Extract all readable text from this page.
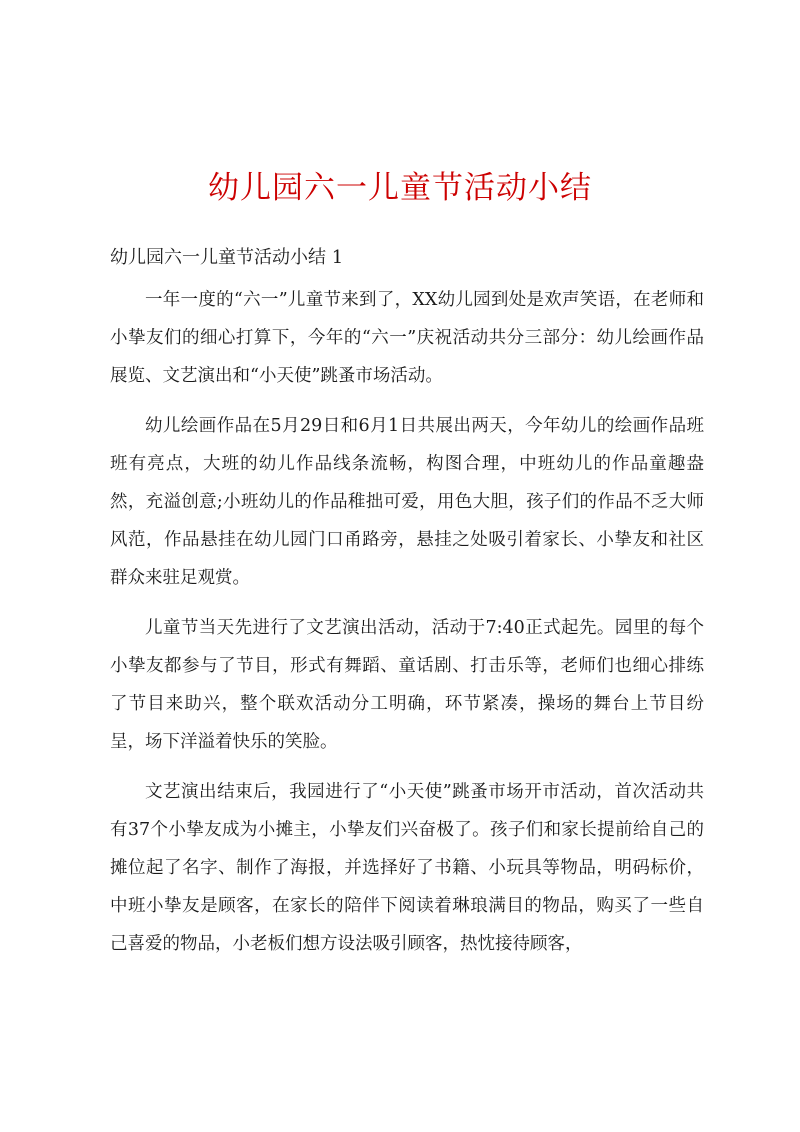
幼儿园六一儿童节活动小结
幼儿园六一儿童节活动小结 1

一年一度的“六一”儿童节来到了，XX幼儿园到处是欢声笑语，在老师和小挚友们的细心打算下，今年的“六一”庆祝活动共分三部分：幼儿绘画作品展览、文艺演出和“小天使”跳蚤市场活动。

幼儿绘画作品在5月29日和6月1日共展出两天，今年幼儿的绘画作品班班有亮点，大班的幼儿作品线条流畅，构图合理，中班幼儿的作品童趣盎然，充溢创意;小班幼儿的作品稚拙可爱，用色大胆，孩子们的作品不乏大师风范，作品悬挂在幼儿园门口甬路旁，悬挂之处吸引着家长、小挚友和社区群众来驻足观赏。

儿童节当天先进行了文艺演出活动，活动于7:40正式起先。园里的每个小挚友都参与了节目，形式有舞蹈、童话剧、打击乐等，老师们也细心排练了节目来助兴，整个联欢活动分工明确，环节紧凑，操场的舞台上节目纷呈，场下洋溢着快乐的笑脸。

文艺演出结束后，我园进行了“小天使”跳蚤市场开市活动，首次活动共有37个小挚友成为小摊主，小挚友们兴奋极了。孩子们和家长提前给自己的摊位起了名字、制作了海报，并选择好了书籍、小玩具等物品，明码标价，中班小挚友是顾客，在家长的陪伴下阅读着琳琅满目的物品，购买了一些自己喜爱的物品，小老板们想方设法吸引顾客，热忱接待顾客，
